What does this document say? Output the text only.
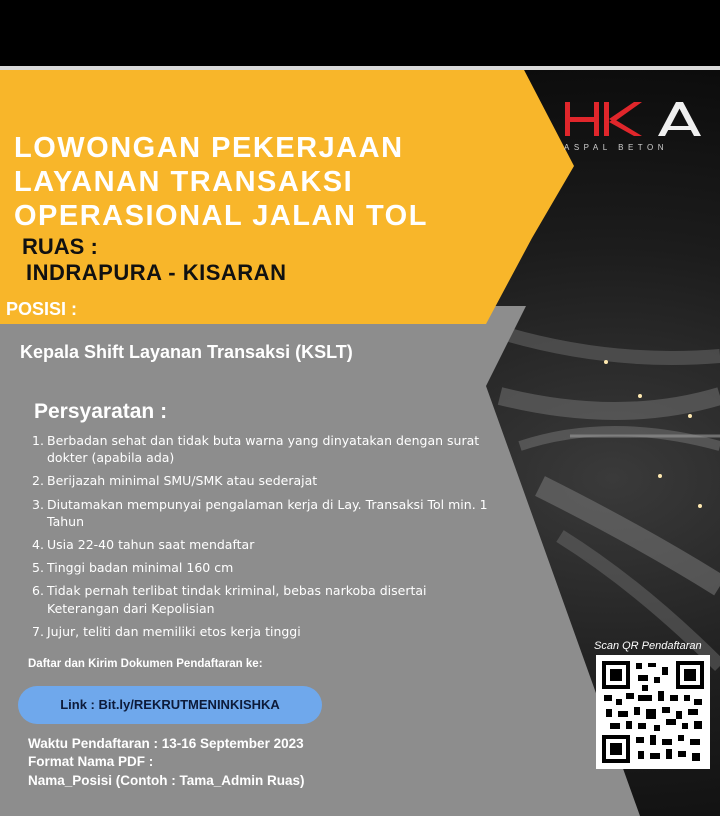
LOWONGAN PEKERJAAN
LAYANAN TRANSAKSI
OPERASIONAL JALAN TOL
RUAS :
INDRAPURA - KISARAN
POSISI :
Kepala Shift Layanan Transaksi (KSLT)
Persyaratan :
1. Berbadan sehat dan tidak buta warna yang dinyatakan dengan surat dokter (apabila ada)
2. Berijazah minimal SMU/SMK atau sederajat
3. Diutamakan mempunyai pengalaman kerja di Lay. Transaksi Tol min. 1 Tahun
4. Usia 22-40 tahun saat mendaftar
5. Tinggi badan minimal 160 cm
6. Tidak pernah terlibat tindak kriminal, bebas narkoba disertai Keterangan dari Kepolisian
7. Jujur, teliti dan memiliki etos kerja tinggi
Daftar dan Kirim Dokumen Pendaftaran ke:
Link : Bit.ly/REKRUTMENINKISHKA
Waktu Pendaftaran : 13-16 September 2023
Format Nama PDF :
Nama_Posisi (Contoh : Tama_Admin Ruas)
ASPAL BETON
Scan QR Pendaftaran
